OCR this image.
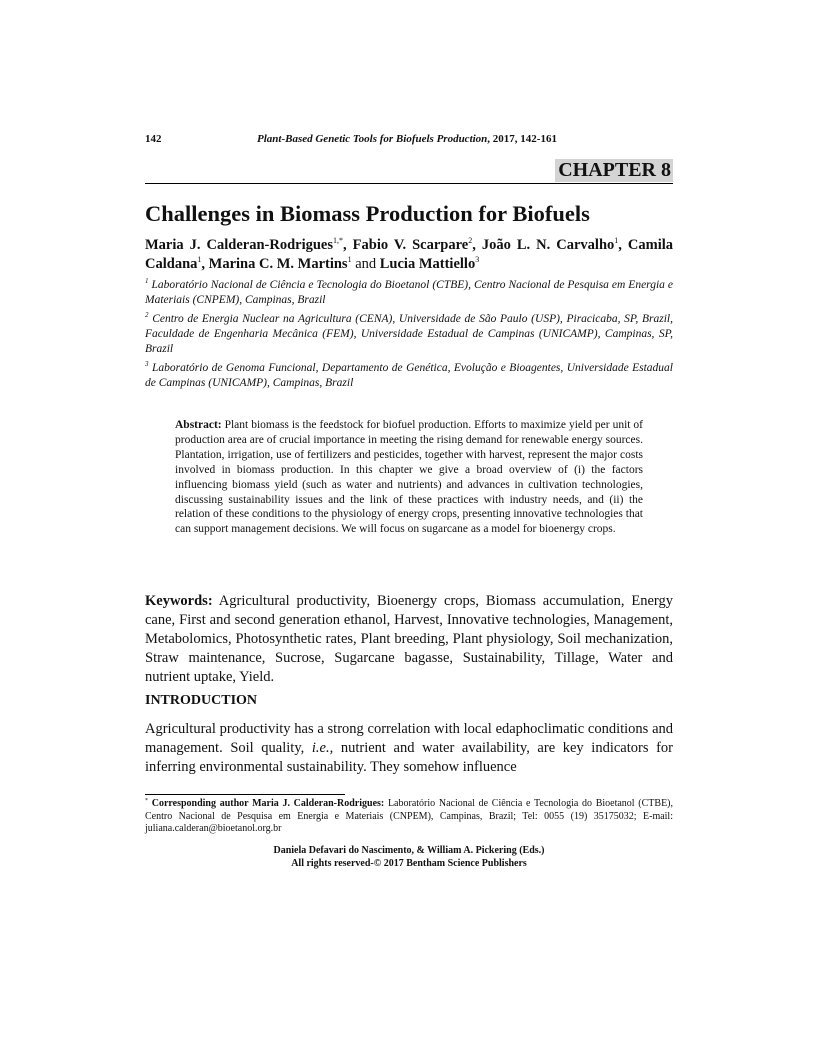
142	Plant-Based Genetic Tools for Biofuels Production, 2017, 142-161
CHAPTER 8
Challenges in Biomass Production for Biofuels
Maria J. Calderan-Rodrigues$^{1,*}$, Fabio V. Scarpare$^2$, João L. N. Carvalho$^1$, Camila Caldana$^1$, Marina C. M. Martins$^1$ and Lucia Mattiello$^3$
$^1$ Laboratório Nacional de Ciência e Tecnologia do Bioetanol (CTBE), Centro Nacional de Pesquisa em Energia e Materiais (CNPEM), Campinas, Brazil
$^2$ Centro de Energia Nuclear na Agricultura (CENA), Universidade de São Paulo (USP), Piracicaba, SP, Brazil, Faculdade de Engenharia Mecânica (FEM), Universidade Estadual de Campinas (UNICAMP), Campinas, SP, Brazil
$^3$ Laboratório de Genoma Funcional, Departamento de Genética, Evolução e Bioagentes, Universidade Estadual de Campinas (UNICAMP), Campinas, Brazil
Abstract: Plant biomass is the feedstock for biofuel production. Efforts to maximize yield per unit of production area are of crucial importance in meeting the rising demand for renewable energy sources. Plantation, irrigation, use of fertilizers and pesticides, together with harvest, represent the major costs involved in biomass production. In this chapter we give a broad overview of (i) the factors influencing biomass yield (such as water and nutrients) and advances in cultivation technologies, discussing sustainability issues and the link of these practices with industry needs, and (ii) the relation of these conditions to the physiology of energy crops, presenting innovative technologies that can support management decisions. We will focus on sugarcane as a model for bioenergy crops.
Keywords: Agricultural productivity, Bioenergy crops, Biomass accumulation, Energy cane, First and second generation ethanol, Harvest, Innovative technologies, Management, Metabolomics, Photosynthetic rates, Plant breeding, Plant physiology, Soil mechanization, Straw maintenance, Sucrose, Sugarcane bagasse, Sustainability, Tillage, Water and nutrient uptake, Yield.
INTRODUCTION
Agricultural productivity has a strong correlation with local edaphoclimatic conditions and management. Soil quality, i.e., nutrient and water availability, are key indicators for inferring environmental sustainability. They somehow influence
* Corresponding author Maria J. Calderan-Rodrigues: Laboratório Nacional de Ciência e Tecnologia do Bioetanol (CTBE), Centro Nacional de Pesquisa em Energia e Materiais (CNPEM), Campinas, Brazil; Tel: 0055 (19) 35175032; E-mail: juliana.calderan@bioetanol.org.br
Daniela Defavari do Nascimento, & William A. Pickering (Eds.)
All rights reserved-© 2017 Bentham Science Publishers
